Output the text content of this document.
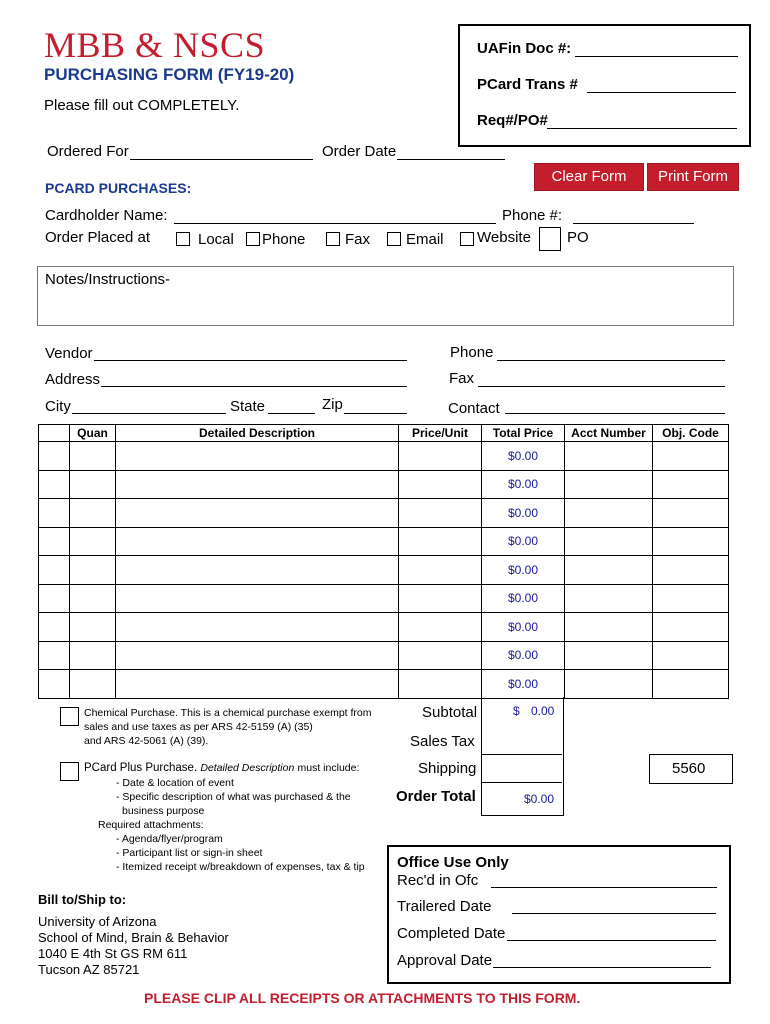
MBB & NSCS
PURCHASING FORM (FY19-20)
Please fill out COMPLETELY.
UAFin Doc #:
PCard Trans #
Req#/PO#
Ordered For	Order Date
Clear Form	Print Form
PCARD PURCHASES:
Cardholder Name:	Phone #:
Order Placed at	Local Phone	Fax Email Website PO
Notes/Instructions-
Vendor
Address
City	State	Zip
Phone
Fax
Contact
	Quan	Detailed Description	Price/Unit	Total Price	Acct Number	Obj. Code
				$0.00		
				$0.00		
				$0.00		
				$0.00		
				$0.00		
				$0.00		
				$0.00		
				$0.00		
				$0.00		
Subtotal	$ 0.00
Sales Tax
Shipping	5560
Order Total	$0.00
Chemical Purchase. This is a chemical purchase exempt from
sales and use taxes as per ARS 42-5159 (A) (35)
and ARS 42-5061 (A) (39).
PCard Plus Purchase. Detailed Description must include:
- Date & location of event
- Specific description of what was purchased & the
business purpose
Required attachments:
- Agenda/flyer/program
- Participant list or sign-in sheet
- Itemized receipt w/breakdown of expenses, tax & tip
Bill to/Ship to:
University of Arizona
School of Mind, Brain & Behavior
1040 E 4th St GS RM 611
Tucson AZ 85721
Office Use Only
Rec'd in Ofc
Trailered Date
Completed Date
Approval Date
PLEASE CLIP ALL RECEIPTS OR ATTACHMENTS TO THIS FORM.
